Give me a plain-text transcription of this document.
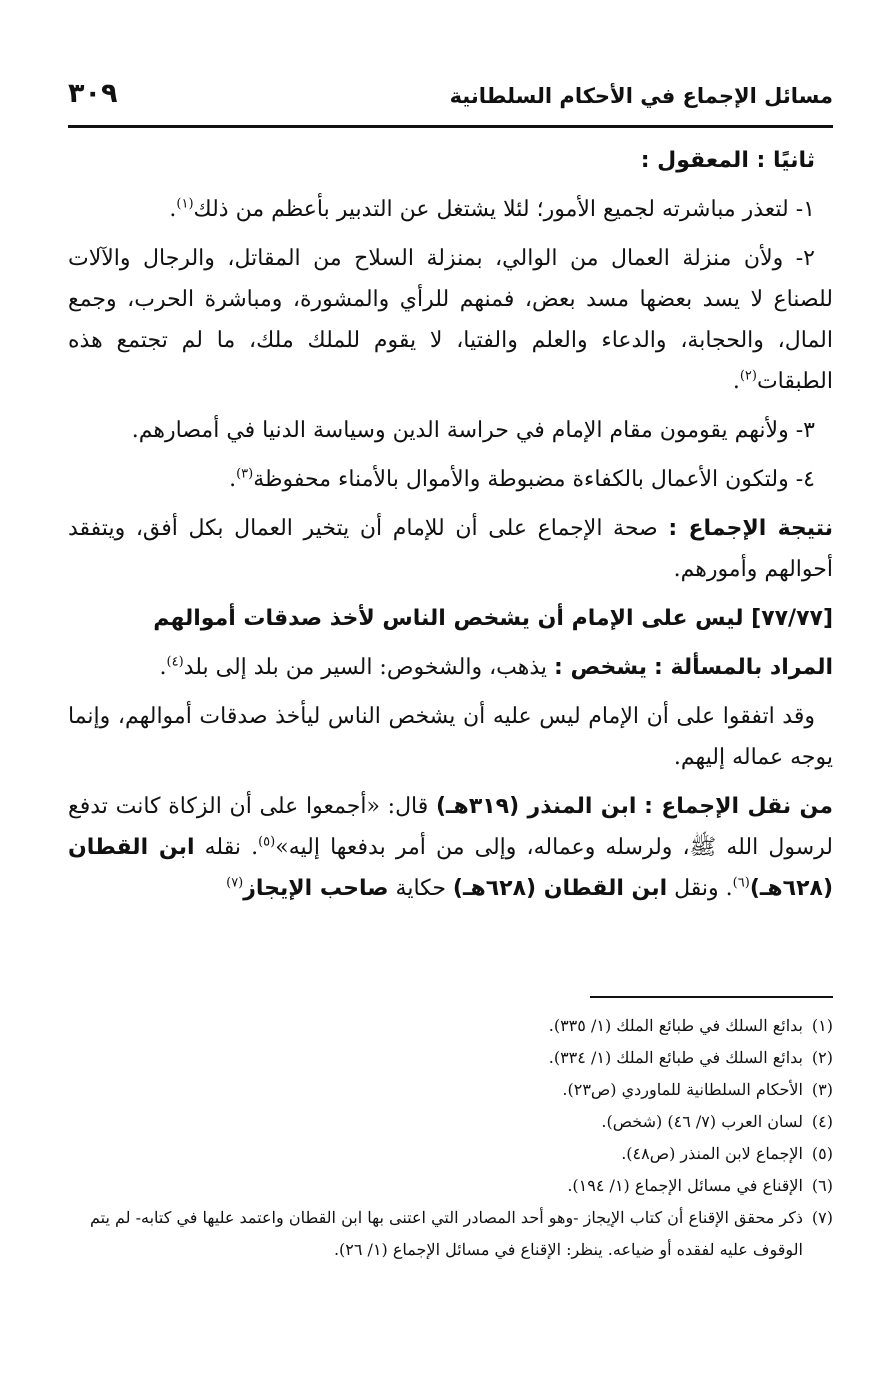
مسائل الإجماع في الأحكام السلطانية
٣٠٩

ثانيًا : المعقول :

١- لتعذر مباشرته لجميع الأمور؛ لئلا يشتغل عن التدبير بأعظم من ذلك$^{(١)}$.

٢- ولأن منزلة العمال من الوالي، بمنزلة السلاح من المقاتل، والرجال والآلات للصناع لا يسد بعضها مسد بعض، فمنهم للرأي والمشورة، ومباشرة الحرب، وجمع المال، والحجابة، والدعاء والعلم والفتيا، لا يقوم للملك ملك، ما لم تجتمع هذه الطبقات$^{(٢)}$.

٣- ولأنهم يقومون مقام الإمام في حراسة الدين وسياسة الدنيا في أمصارهم.

٤- ولتكون الأعمال بالكفاءة مضبوطة والأموال بالأمناء محفوظة$^{(٣)}$.

نتيجة الإجماع : صحة الإجماع على أن للإمام أن يتخير العمال بكل أفق، ويتفقد أحوالهم وأمورهم.

[٧٧/٧٧] ليس على الإمام أن يشخص الناس لأخذ صدقات أموالهم

المراد بالمسألة : يشخص : يذهب، والشخوص: السير من بلد إلى بلد$^{(٤)}$.

وقد اتفقوا على أن الإمام ليس عليه أن يشخص الناس ليأخذ صدقات أموالهم، وإنما يوجه عماله إليهم.

من نقل الإجماع : ابن المنذر (٣١٩هـ) قال: «أجمعوا على أن الزكاة كانت تدفع لرسول الله ﷺ، ولرسله وعماله، وإلى من أمر بدفعها إليه»$^{(٥)}$. نقله ابن القطان (٦٢٨هـ)$^{(٦)}$. ونقل ابن القطان (٦٢٨هـ) حكاية صاحب الإيجاز$^{(٧)}$

(١)بدائع السلك في طبائع الملك (١/ ٣٣٥).

(٢)بدائع السلك في طبائع الملك (١/ ٣٣٤).

(٣)الأحكام السلطانية للماوردي (ص٢٣).

(٤)لسان العرب (٧/ ٤٦) (شخص).

(٥)الإجماع لابن المنذر (ص٤٨).

(٦)الإقناع في مسائل الإجماع (١/ ١٩٤).

(٧)ذكر محقق الإقناع أن كتاب الإيجاز -وهو أحد المصادر التي اعتنى بها ابن القطان واعتمد عليها في كتابه- لم يتم الوقوف عليه لفقده أو ضياعه. ينظر: الإقناع في مسائل الإجماع (١/ ٢٦).
